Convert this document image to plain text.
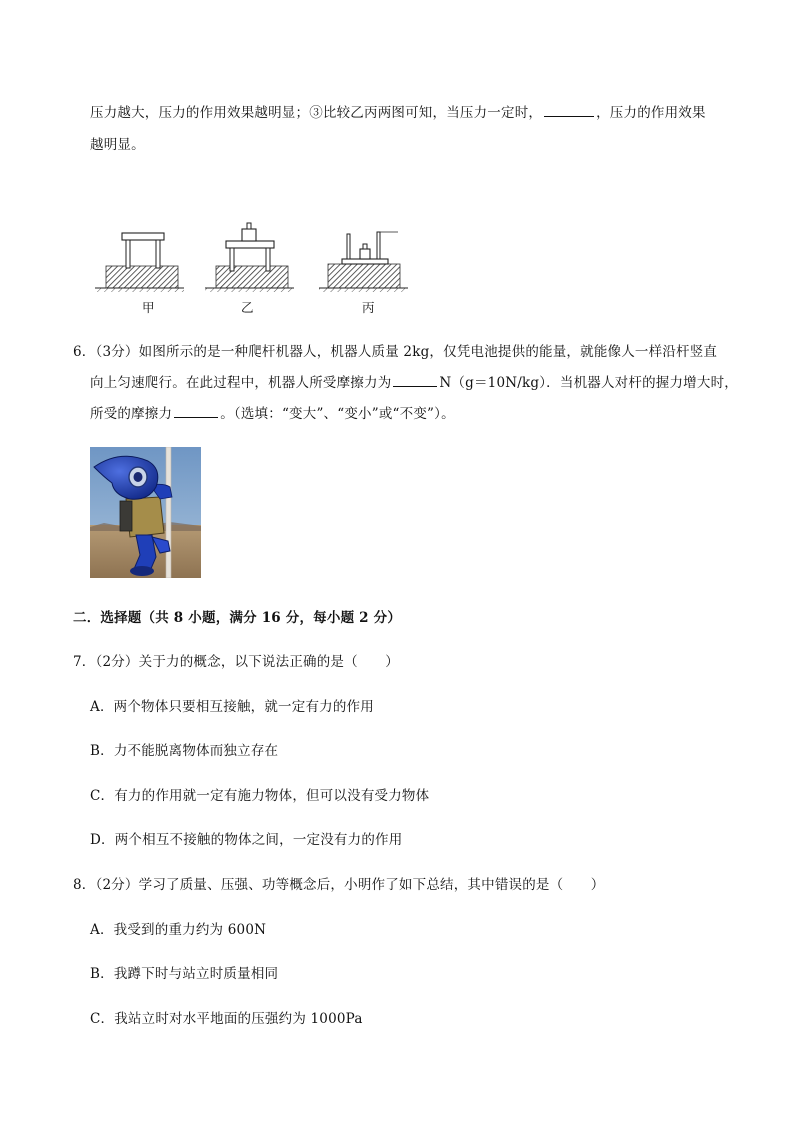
压力越大，压力的作用效果越明显；③比较乙丙两图可知，当压力一定时，	，压力的作用效果
越明显。
甲	乙	丙
6．（3分）如图所示的是一种爬杆机器人，机器人质量 2kg，仅凭电池提供的能量，就能像人一样沿杆竖直
向上匀速爬行。在此过程中，机器人所受摩擦力为	N（g＝10N/kg）．当机器人对杆的握力增大时，
所受的摩擦力	。（选填：“变大”、“变小”或“不变”）。
二．选择题（共 8 小题，满分 16 分，每小题 2 分）
7．（2分）关于力的概念，以下说法正确的是（　　）
A．两个物体只要相互接触，就一定有力的作用
B．力不能脱离物体而独立存在
C．有力的作用就一定有施力物体，但可以没有受力物体
D．两个相互不接触的物体之间，一定没有力的作用
8．（2分）学习了质量、压强、功等概念后，小明作了如下总结，其中错误的是（　　）
A．我受到的重力约为 600N
B．我蹲下时与站立时质量相同
C．我站立时对水平地面的压强约为 1000Pa
